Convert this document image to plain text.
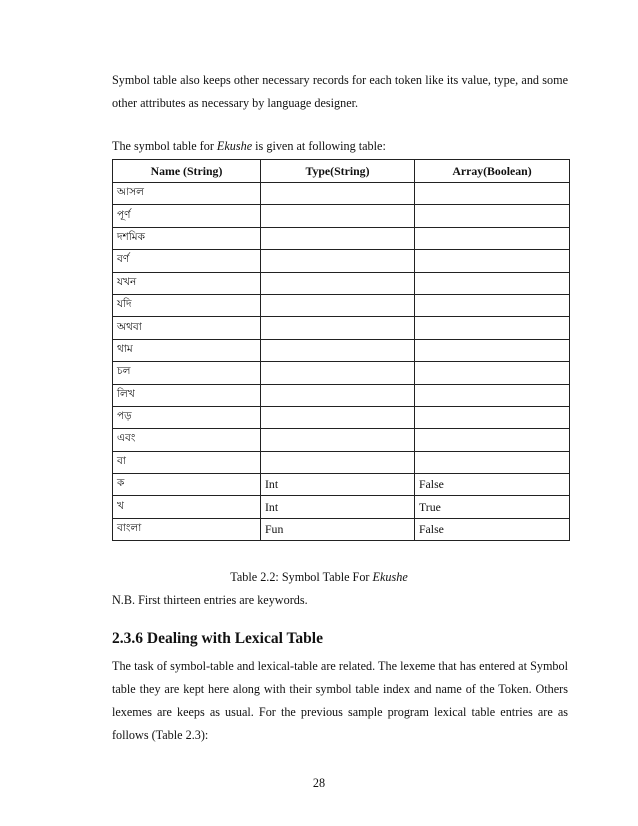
Symbol table also keeps other necessary records for each token like its value, type, and some other attributes as necessary by language designer.
The symbol table for Ekushe is given at following table:
Name (String)	Type(String)	Array(Boolean)
আসল		
পূর্ণ		
দশমিক		
বর্ণ		
যখন		
যদি		
অথবা		
থাম		
চল		
লিখ		
পড়		
এবং		
বা		
ক	Int	False
খ	Int	True
বাংলা	Fun	False
Table 2.2: Symbol Table For Ekushe
N.B. First thirteen entries are keywords.
2.3.6 Dealing with Lexical Table
The task of symbol-table and lexical-table are related. The lexeme that has entered at Symbol table they are kept here along with their symbol table index and name of the Token. Others lexemes are keeps as usual. For the previous sample program lexical table entries are as follows (Table 2.3):
28
